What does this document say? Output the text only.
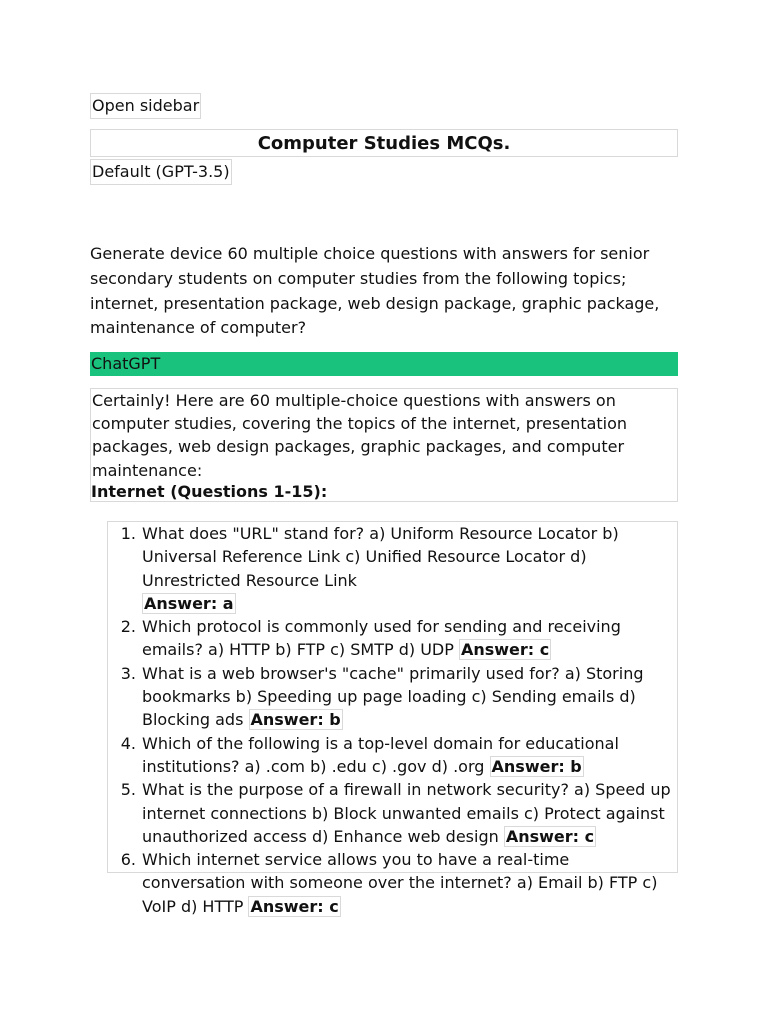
Open sidebar
Computer Studies MCQs.
Default (GPT-3.5)

Generate device 60 multiple choice questions with answers for senior secondary students on computer studies from the following topics; internet, presentation package, web design package, graphic package, maintenance of computer?

ChatGPT

Certainly! Here are 60 multiple-choice questions with answers on computer studies, covering the topics of the internet, presentation packages, web design packages, graphic packages, and computer maintenance:

Internet (Questions 1-15):

1. What does "URL" stand for? a) Uniform Resource Locator b) Universal Reference Link c) Unified Resource Locator d) Unrestricted Resource Link
Answer: a
2. Which protocol is commonly used for sending and receiving emails? a) HTTP b) FTP c) SMTP d) UDP Answer: c
3. What is a web browser's "cache" primarily used for? a) Storing bookmarks b) Speeding up page loading c) Sending emails d) Blocking ads Answer: b
4. Which of the following is a top-level domain for educational institutions? a) .com b) .edu c) .gov d) .org Answer: b
5. What is the purpose of a firewall in network security? a) Speed up internet connections b) Block unwanted emails c) Protect against unauthorized access d) Enhance web design Answer: c
6. Which internet service allows you to have a real-time conversation with someone over the internet? a) Email b) FTP c) VoIP d) HTTP Answer: c
